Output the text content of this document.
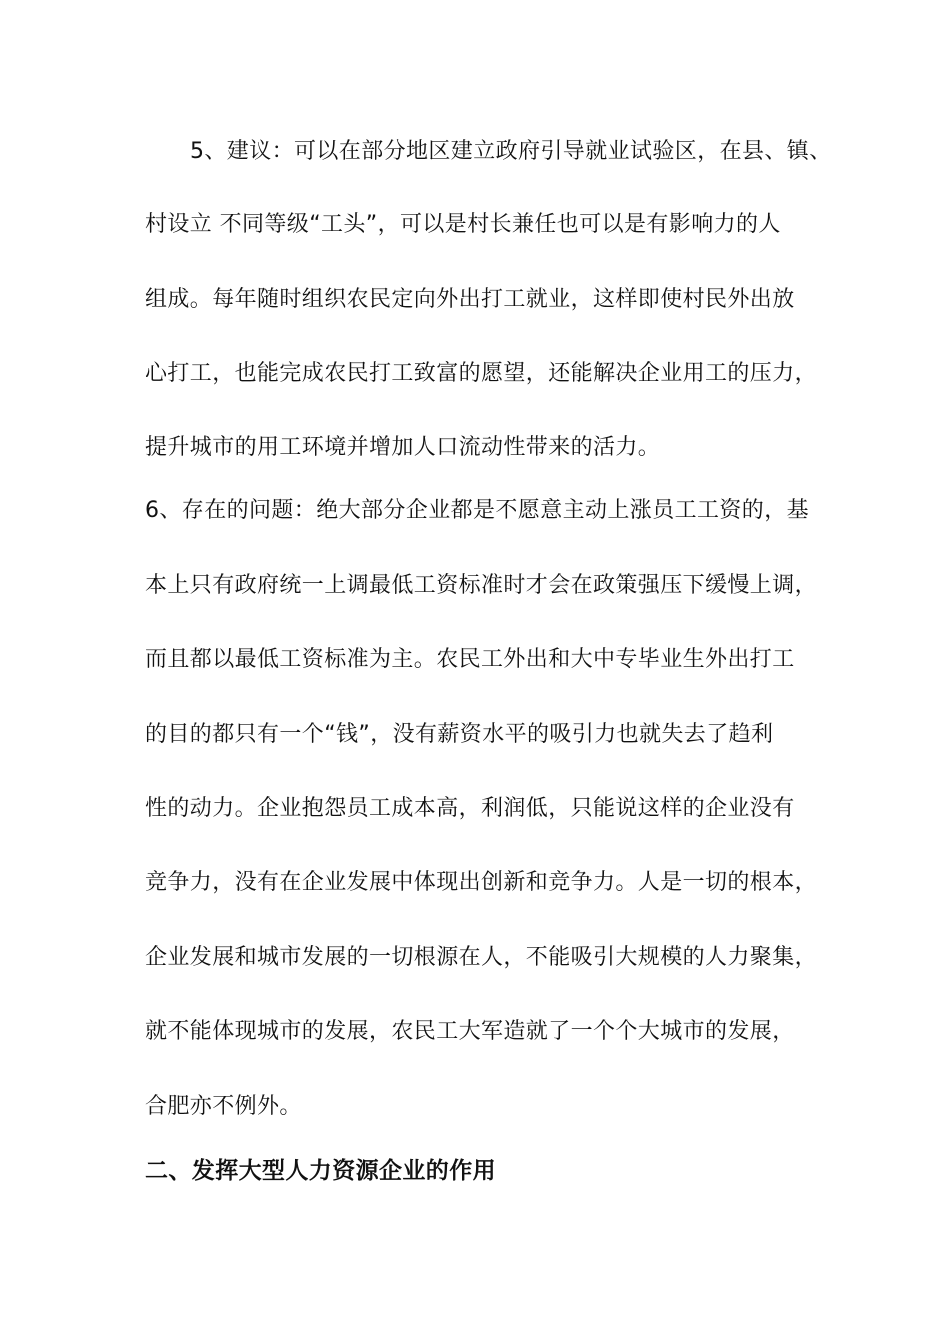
5、建议：可以在部分地区建立政府引导就业试验区，在县、镇、
村设立 不同等级“工头”，可以是村长兼任也可以是有影响力的人
组成。每年随时组织农民定向外出打工就业，这样即使村民外出放
心打工，也能完成农民打工致富的愿望，还能解决企业用工的压力，
提升城市的用工环境并增加人口流动性带来的活力。
6、存在的问题：绝大部分企业都是不愿意主动上涨员工工资的，基
本上只有政府统一上调最低工资标准时才会在政策强压下缓慢上调，
而且都以最低工资标准为主。农民工外出和大中专毕业生外出打工
的目的都只有一个“钱”，没有薪资水平的吸引力也就失去了趋利
性的动力。企业抱怨员工成本高，利润低，只能说这样的企业没有
竞争力，没有在企业发展中体现出创新和竞争力。人是一切的根本，
企业发展和城市发展的一切根源在人，不能吸引大规模的人力聚集，
就不能体现城市的发展，农民工大军造就了一个个大城市的发展，
合肥亦不例外。
二、发挥大型人力资源企业的作用
